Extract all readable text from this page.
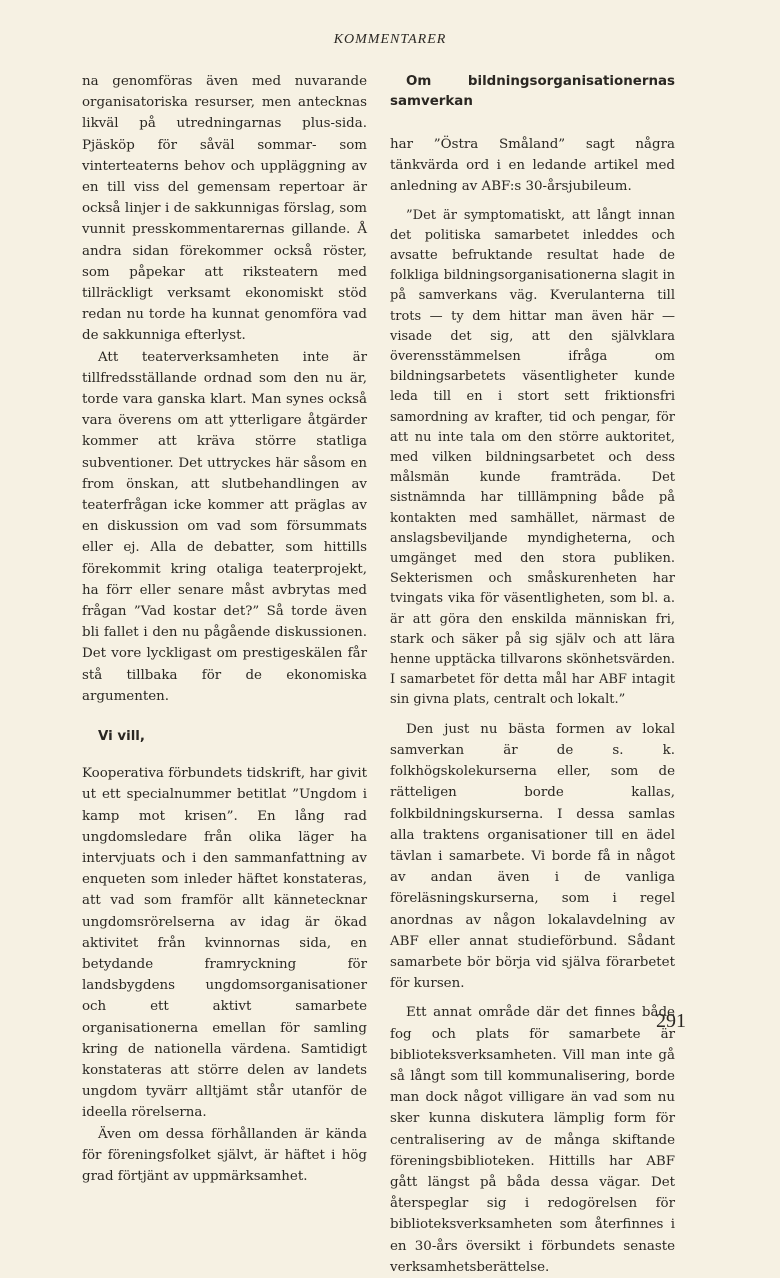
KOMMENTARER

na genomföras även med nuvarande organisatoriska resurser, men antecknas likväl på utredningarnas plus-sida. Pjäsköp för såväl sommar- som vinterteaterns behov och uppläggning av en till viss del gemensam repertoar är också linjer i de sakkunnigas förslag, som vunnit presskommentarernas gillande. Å andra sidan förekommer också röster, som påpekar att riksteatern med tillräckligt verksamt ekonomiskt stöd redan nu torde ha kunnat genomföra vad de sakkunniga efterlyst.

Att teaterverksamheten inte är tillfredsställande ordnad som den nu är, torde vara ganska klart. Man synes också vara överens om att ytterligare åtgärder kommer att kräva större statliga subventioner. Det uttryckes här såsom en from önskan, att slutbehandlingen av teaterfrågan icke kommer att präglas av en diskussion om vad som försummats eller ej. Alla de debatter, som hittills förekommit kring otaliga teaterprojekt, ha förr eller senare måst avbrytas med frågan ”Vad kostar det?” Så torde även bli fallet i den nu pågående diskussionen. Det vore lyckligast om prestigeskälen får stå tillbaka för de ekonomiska argumenten.

Vi vill,

Kooperativa förbundets tidskrift, har givit ut ett specialnummer betitlat ”Ungdom i kamp mot krisen”. En lång rad ungdomsledare från olika läger ha intervjuats och i den sammanfattning av enqueten som inleder häftet konstateras, att vad som framför allt kännetecknar ungdomsrörelserna av idag är ökad aktivitet från kvinnornas sida, en betydande framryckning för landsbygdens ungdomsorganisationer och ett aktivt samarbete organisationerna emellan för samling kring de nationella värdena. Samtidigt konstateras att större delen av landets ungdom tyvärr alltjämt står utanför de ideella rörelserna.

Även om dessa förhållanden är kända för föreningsfolket självt, är häftet i hög grad förtjänt av uppmärksamhet.

Om bildningsorganisationernas samverkan

har ”Östra Småland” sagt några tänkvärda ord i en ledande artikel med anledning av ABF:s 30-årsjubileum.

”Det är symptomatiskt, att långt innan det politiska samarbetet inleddes och avsatte befruktande resultat hade de folkliga bildningsorganisationerna slagit in på samverkans väg. Kverulanterna till trots — ty dem hittar man även här — visade det sig, att den självklara överensstämmelsen ifråga om bildningsarbetets väsentligheter kunde leda till en i stort sett friktionsfri samordning av krafter, tid och pengar, för att nu inte tala om den större auktoritet, med vilken bildningsarbetet och dess målsmän kunde framträda. Det sistnämnda har tilllämpning både på kontakten med samhället, närmast de anslagsbeviljande myndigheterna, och umgänget med den stora publiken. Sekterismen och småskurenheten har tvingats vika för väsentligheten, som bl. a. är att göra den enskilda människan fri, stark och säker på sig själv och att lära henne upptäcka tillvarons skönhetsvärden. I samarbetet för detta mål har ABF intagit sin givna plats, centralt och lokalt.”

Den just nu bästa formen av lokal samverkan är de s. k. folkhögskolekurserna eller, som de rätteligen borde kallas, folkbildningskurserna. I dessa samlas alla traktens organisationer till en ädel tävlan i samarbete. Vi borde få in något av andan även i de vanliga föreläsningskurserna, som i regel anordnas av någon lokalavdelning av ABF eller annat studieförbund. Sådant samarbete bör börja vid själva förarbetet för kursen.

Ett annat område där det finnes både fog och plats för samarbete är biblioteksverksamheten. Vill man inte gå så långt som till kommunalisering, borde man dock något villigare än vad som nu sker kunna diskutera lämplig form för centralisering av de många skiftande föreningsbiblioteken. Hittills har ABF gått längst på båda dessa vägar. Det återspeglar sig i redogörelsen för biblioteksverksamheten som återfinnes i en 30-års översikt i förbundets senaste verksamhetsberättelse.

291
